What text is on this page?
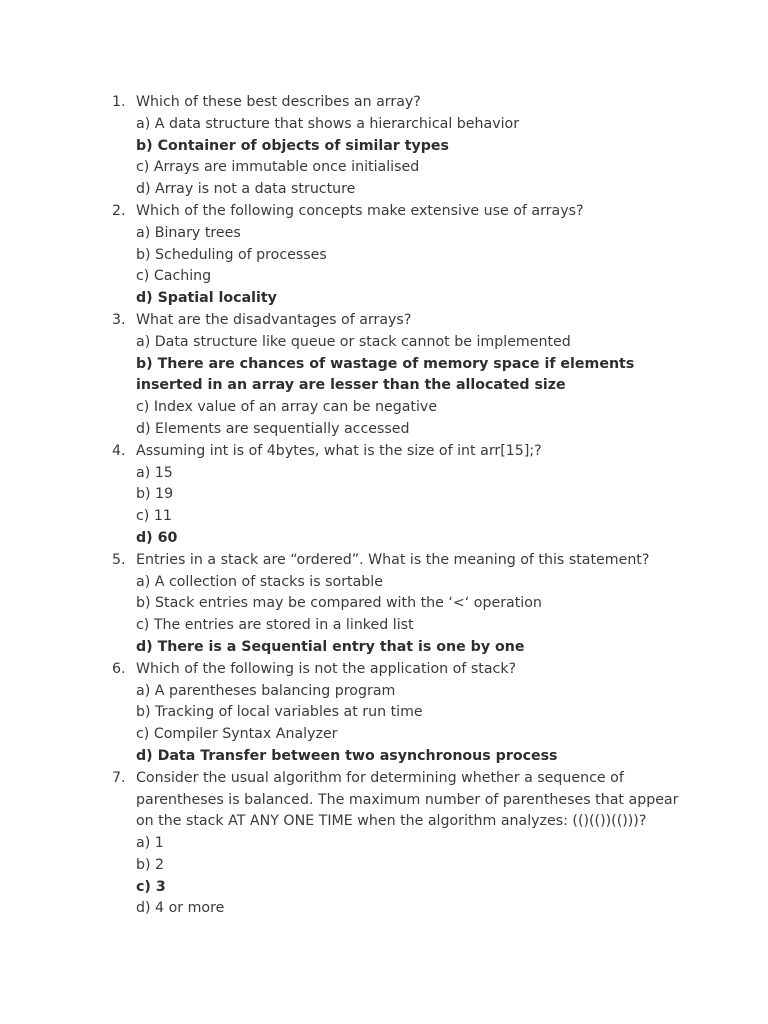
1. Which of these best describes an array?
a) A data structure that shows a hierarchical behavior
b) Container of objects of similar types
c) Arrays are immutable once initialised
d) Array is not a data structure
2. Which of the following concepts make extensive use of arrays?
a) Binary trees
b) Scheduling of processes
c) Caching
d) Spatial locality
3. What are the disadvantages of arrays?
a) Data structure like queue or stack cannot be implemented
b) There are chances of wastage of memory space if elements inserted in an array are lesser than the allocated size
c) Index value of an array can be negative
d) Elements are sequentially accessed
4. Assuming int is of 4bytes, what is the size of int arr[15];?
a) 15
b) 19
c) 11
d) 60
5. Entries in a stack are “ordered”. What is the meaning of this statement?
a) A collection of stacks is sortable
b) Stack entries may be compared with the ‘<‘ operation
c) The entries are stored in a linked list
d) There is a Sequential entry that is one by one
6. Which of the following is not the application of stack?
a) A parentheses balancing program
b) Tracking of local variables at run time
c) Compiler Syntax Analyzer
d) Data Transfer between two asynchronous process
7. Consider the usual algorithm for determining whether a sequence of parentheses is balanced. The maximum number of parentheses that appear on the stack AT ANY ONE TIME when the algorithm analyzes: (()(())(()))?
a) 1
b) 2
c) 3
d) 4 or more
